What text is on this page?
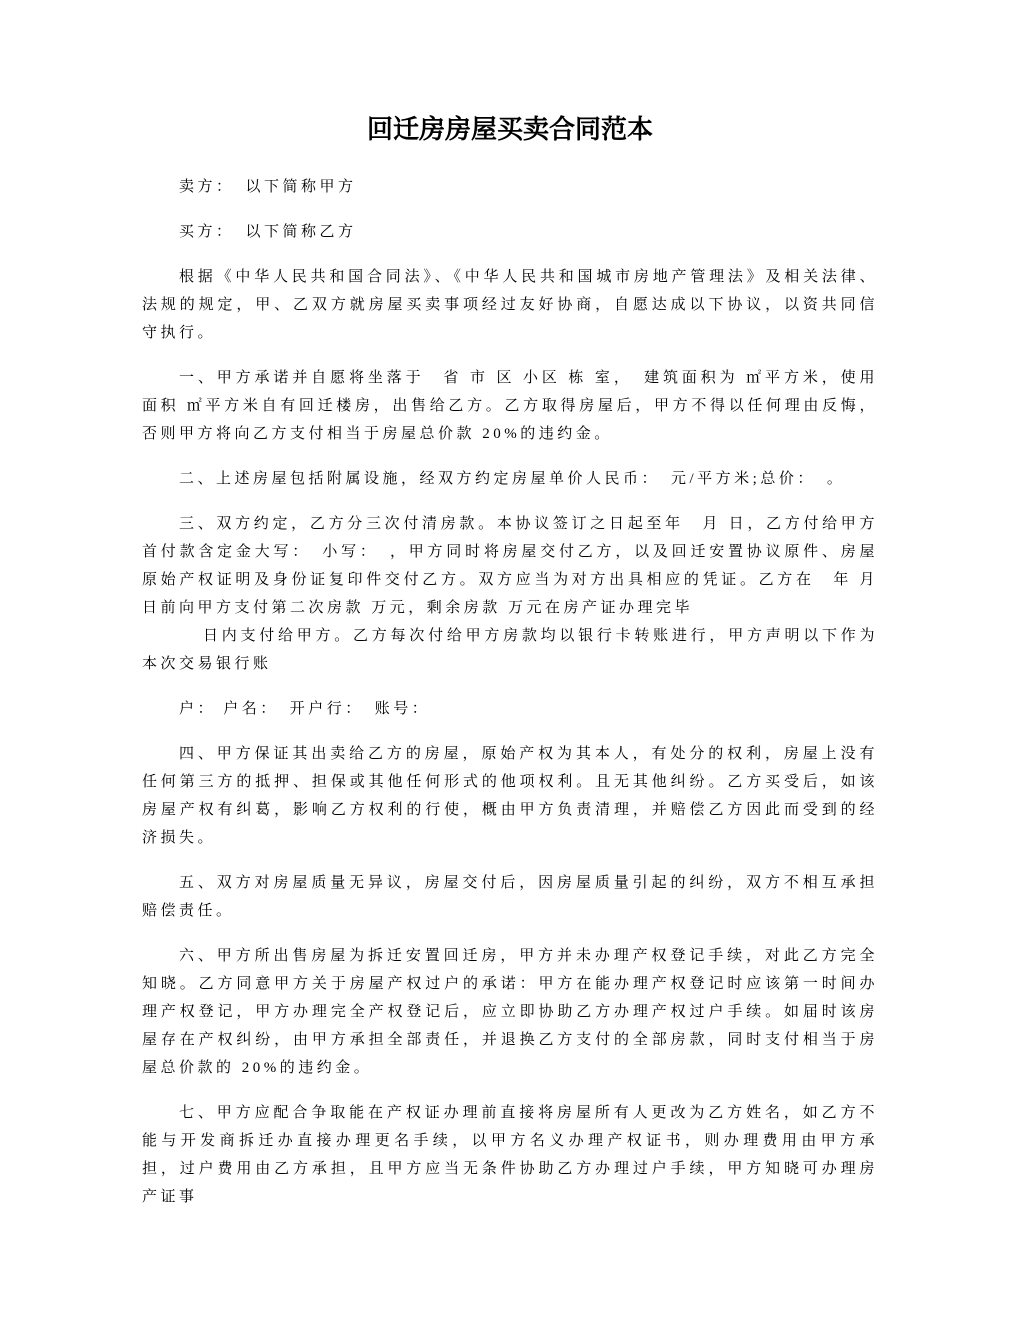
回迁房房屋买卖合同范本

卖方：　以下简称甲方

买方：　以下简称乙方

根据《中华人民共和国合同法》、《中华人民共和国城市房地产管理法》及相关法律、法规的规定，甲、乙双方就房屋买卖事项经过友好协商，自愿达成以下协议，以资共同信守执行。

一、甲方承诺并自愿将坐落于　省 市 区 小区 栋 室，　建筑面积为 ㎡平方米，使用面积 ㎡平方米自有回迁楼房，出售给乙方。乙方取得房屋后，甲方不得以任何理由反悔，否则甲方将向乙方支付相当于房屋总价款 20%的违约金。

二、上述房屋包括附属设施，经双方约定房屋单价人民币：　元/平方米;总价：　。

三、双方约定，乙方分三次付清房款。本协议签订之日起至年　月 日，乙方付给甲方首付款含定金大写：　小写：　，甲方同时将房屋交付乙方，以及回迁安置协议原件、房屋原始产权证明及身份证复印件交付乙方。双方应当为对方出具相应的凭证。乙方在　年 月日前向甲方支付第二次房款 万元，剩余房款 万元在房产证办理完毕

日内支付给甲方。乙方每次付给甲方房款均以银行卡转账进行，甲方声明以下作为本次交易银行账

户： 户名：　开户行：　账号：

四、甲方保证其出卖给乙方的房屋，原始产权为其本人，有处分的权利，房屋上没有任何第三方的抵押、担保或其他任何形式的他项权利。且无其他纠纷。乙方买受后，如该房屋产权有纠葛，影响乙方权利的行使，概由甲方负责清理，并赔偿乙方因此而受到的经济损失。

五、双方对房屋质量无异议，房屋交付后，因房屋质量引起的纠纷，双方不相互承担赔偿责任。

六、甲方所出售房屋为拆迁安置回迁房，甲方并未办理产权登记手续，对此乙方完全知晓。乙方同意甲方关于房屋产权过户的承诺：甲方在能办理产权登记时应该第一时间办理产权登记，甲方办理完全产权登记后，应立即协助乙方办理产权过户手续。如届时该房屋存在产权纠纷，由甲方承担全部责任，并退换乙方支付的全部房款，同时支付相当于房屋总价款的 20%的违约金。

七、甲方应配合争取能在产权证办理前直接将房屋所有人更改为乙方姓名，如乙方不能与开发商拆迁办直接办理更名手续，以甲方名义办理产权证书，则办理费用由甲方承担，过户费用由乙方承担，且甲方应当无条件协助乙方办理过户手续，甲方知晓可办理房产证事
